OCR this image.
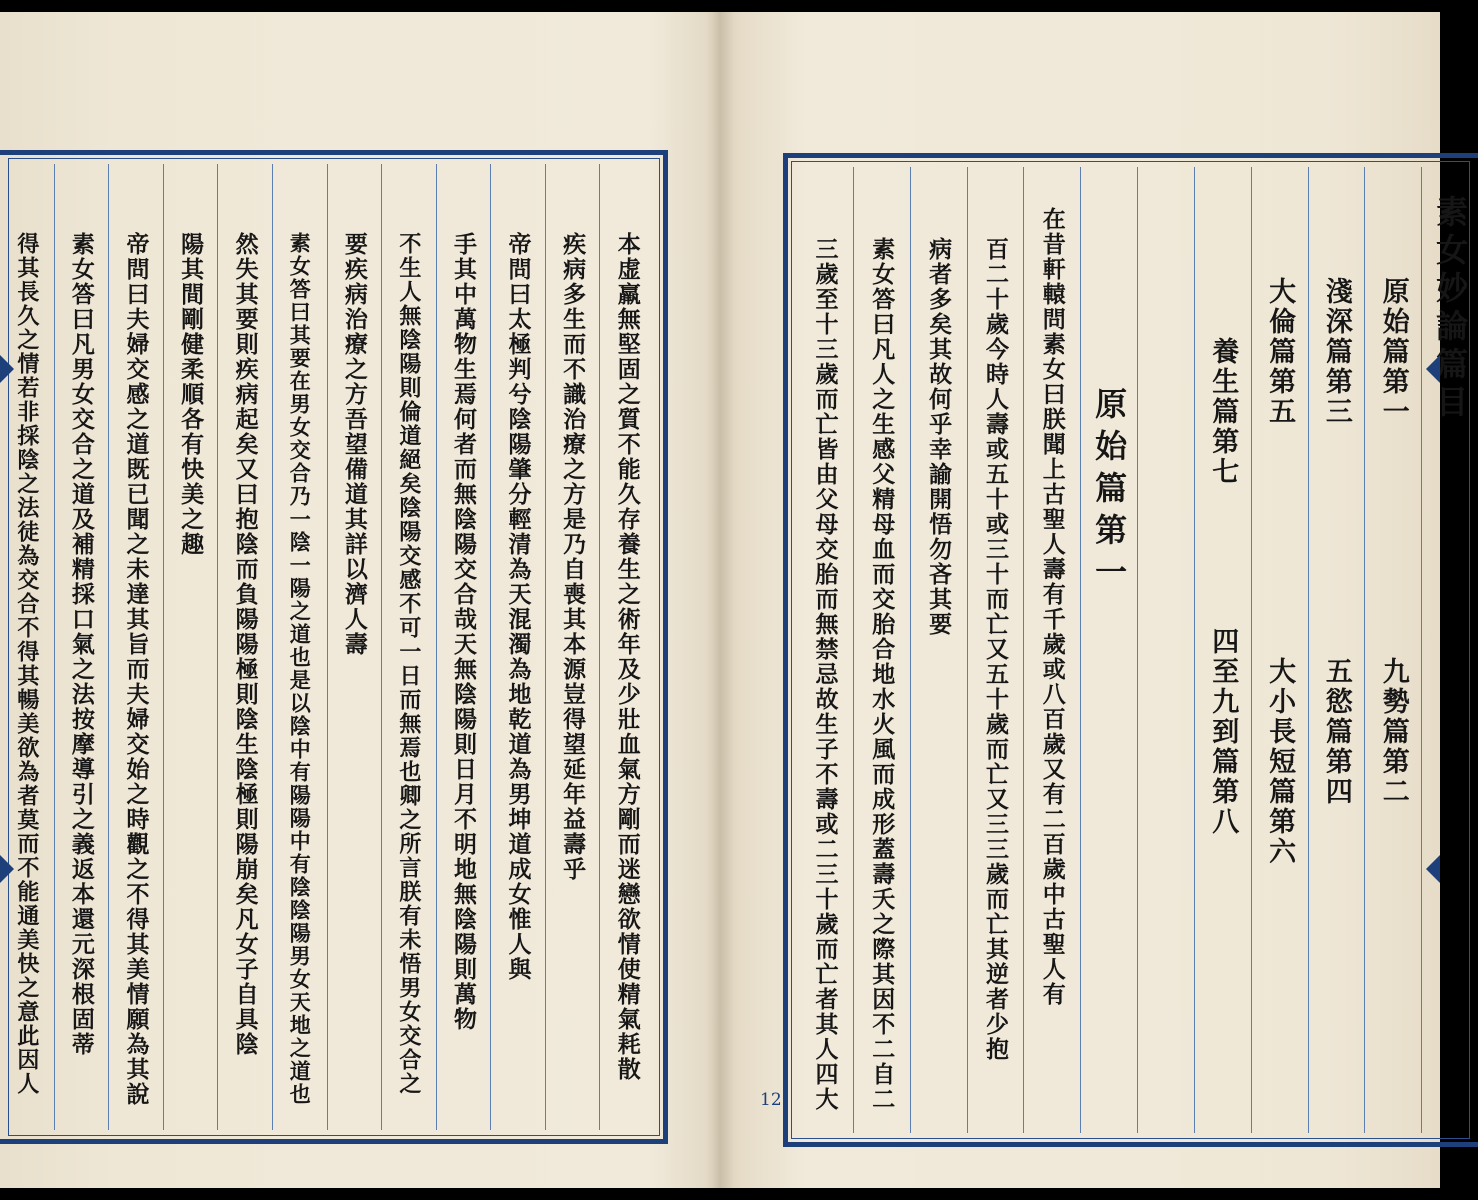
本虚羸無堅固之質不能久存養生之術年及少壯血氣方剛而迷戀欲情使精氣耗散
疾病多生而不識治療之方是乃自喪其本源豈得望延年益壽乎
帝問曰太極判兮陰陽肇分輕清為天混濁為地乾道為男坤道成女惟人與
手其中萬物生焉何者而無陰陽交合哉天無陰陽則日月不明地無陰陽則萬物
不生人無陰陽則倫道絕矣陰陽交感不可一日而無焉也卿之所言朕有未悟男女交合之
要疾病治療之方吾望備道其詳以濟人壽
素女答曰其要在男女交合乃一陰一陽之道也是以陰中有陽陽中有陰陰陽男女天地之道也
然失其要則疾病起矣又曰抱陰而負陽陽極則陰生陰極則陽崩矣凡女子自具陰
陽其間剛健柔順各有快美之趣
帝問曰夫婦交感之道既已聞之未達其旨而夫婦交始之時觀之不得其美情願為其說
素女答曰凡男女交合之道及補精採口氣之法按摩導引之義返本還元深根固蒂
得其長久之情若非採陰之法徒為交合不得其暢美欲為者莫而不能通美快之意此因人	素女妙論篇目
原始篇第一
九勢篇第二
淺深篇第三
五慾篇第四
大倫篇第五
大小長短篇第六
養生篇第七
四至九到篇第八
原始篇第一
在昔軒轅問素女曰朕聞上古聖人壽有千歲或八百歲又有二百歲中古聖人有
百二十歲今時人壽或五十或三十而亡又五十歲而亡又三三歲而亡其逆者少抱
病者多矣其故何乎幸諭開悟勿吝其要
素女答曰凡人之生感父精母血而交胎合地水火風而成形蓋壽夭之際其因不二自二
三歲至十三歲而亡皆由父母交胎而無禁忌故生子不壽或二三十歲而亡者其人四大
12
